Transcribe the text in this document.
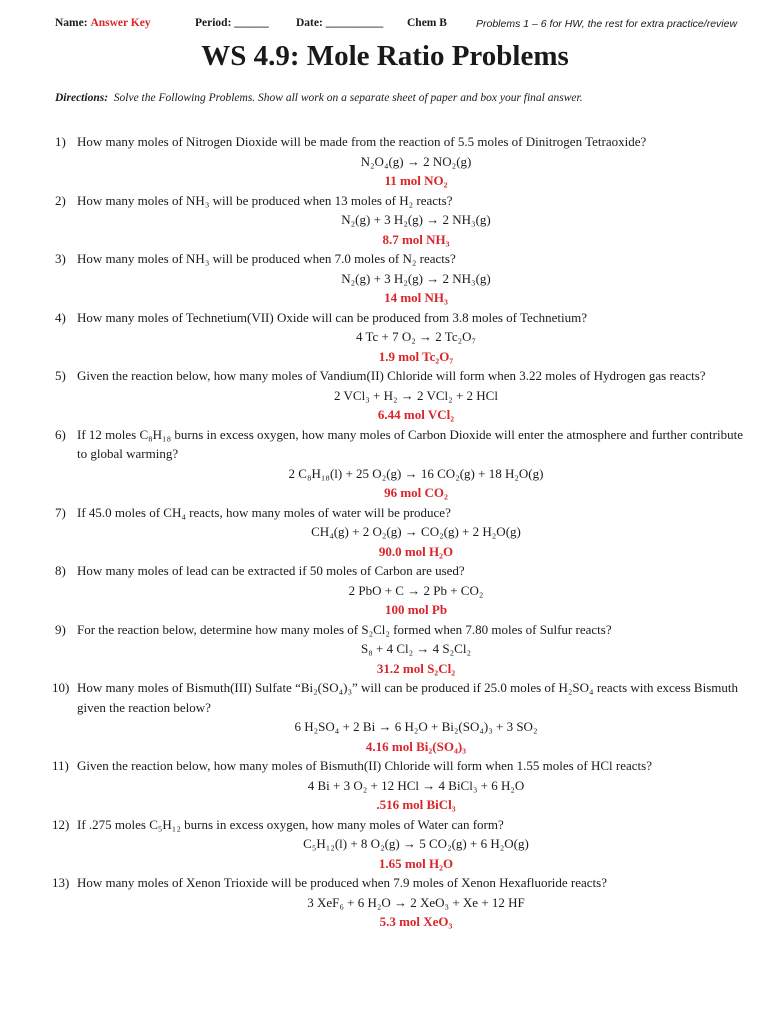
Name: Answer Key	Period: ______ Date: __________ Chem B	Problems 1 – 6 for HW, the rest for extra practice/review
WS 4.9: Mole Ratio Problems
Directions: Solve the Following Problems. Show all work on a separate sheet of paper and box your final answer.
1) How many moles of Nitrogen Dioxide will be made from the reaction of 5.5 moles of Dinitrogen Tetraoxide?
N₂O₄(g) → 2 NO₂(g)
11 mol NO₂
2) How many moles of NH₃ will be produced when 13 moles of H₂ reacts?
N₂(g) + 3 H₂(g) → 2 NH₃(g)
8.7 mol NH₃
3) How many moles of NH₃ will be produced when 7.0 moles of N₂ reacts?
N₂(g) + 3 H₂(g) → 2 NH₃(g)
14 mol NH₃
4) How many moles of Technetium(VII) Oxide will can be produced from 3.8 moles of Technetium?
4 Tc + 7 O₂ → 2 Tc₂O₇
1.9 mol Tc₂O₇
5) Given the reaction below, how many moles of Vandium(II) Chloride will form when 3.22 moles of Hydrogen gas reacts?
2 VCl₃ + H₂ → 2 VCl₂ + 2 HCl
6.44 mol VCl₂
6) If 12 moles C₈H₁₈ burns in excess oxygen, how many moles of Carbon Dioxide will enter the atmosphere and further contribute to global warming?
2 C₈H₁₈(l) + 25 O₂(g) → 16 CO₂(g) + 18 H₂O(g)
96 mol CO₂
7) If 45.0 moles of CH₄ reacts, how many moles of water will be produce?
CH₄(g) + 2 O₂(g) → CO₂(g) + 2 H₂O(g)
90.0 mol H₂O
8) How many moles of lead can be extracted if 50 moles of Carbon are used?
2 PbO + C → 2 Pb + CO₂
100 mol Pb
9) For the reaction below, determine how many moles of S₂Cl₂ formed when 7.80 moles of Sulfur reacts?
S₈ + 4 Cl₂ → 4 S₂Cl₂
31.2 mol S₂Cl₂
10) How many moles of Bismuth(III) Sulfate “Bi₂(SO₄)₃” will can be produced if 25.0 moles of H₂SO₄ reacts with excess Bismuth given the reaction below?
6 H₂SO₄ + 2 Bi → 6 H₂O + Bi₂(SO₄)₃ + 3 SO₂
4.16 mol Bi₂(SO₄)₃
11) Given the reaction below, how many moles of Bismuth(II) Chloride will form when 1.55 moles of HCl reacts?
4 Bi + 3 O₂ + 12 HCl → 4 BiCl₃ + 6 H₂O
.516 mol BiCl₃
12) If .275 moles C₅H₁₂ burns in excess oxygen, how many moles of Water can form?
C₅H₁₂(l) + 8 O₂(g) → 5 CO₂(g) + 6 H₂O(g)
1.65 mol H₂O
13) How many moles of Xenon Trioxide will be produced when 7.9 moles of Xenon Hexafluoride reacts?
3 XeF₆ + 6 H₂O → 2 XeO₃ + Xe + 12 HF
5.3 mol XeO₃
